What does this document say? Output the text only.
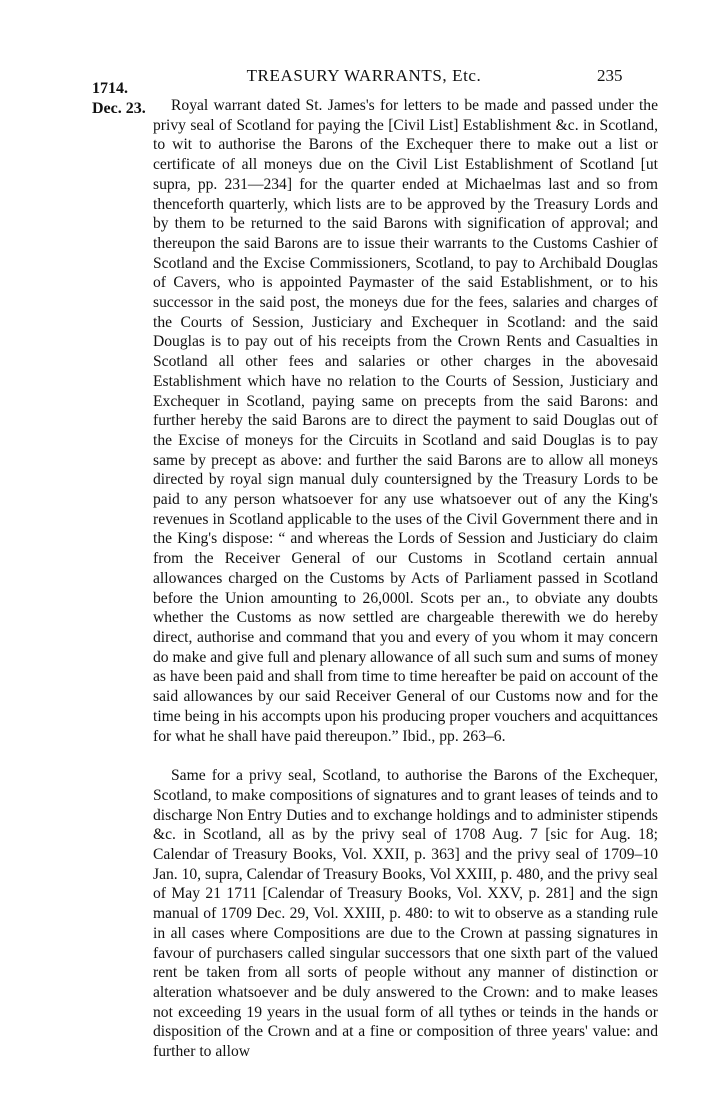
TREASURY WARRANTS, Etc.	235
1714.
Dec. 23.	Royal warrant dated St. James's for letters to be made and passed under the privy seal of Scotland for paying the [Civil List] Establishment &c. in Scotland, to wit to authorise the Barons of the Exchequer there to make out a list or certificate of all moneys due on the Civil List Establishment of Scotland [ut supra, pp. 231—234] for the quarter ended at Michaelmas last and so from thenceforth quarterly, which lists are to be approved by the Treasury Lords and by them to be returned to the said Barons with signification of approval; and thereupon the said Barons are to issue their warrants to the Customs Cashier of Scotland and the Excise Commissioners, Scotland, to pay to Archibald Douglas of Cavers, who is appointed Paymaster of the said Establishment, or to his successor in the said post, the moneys due for the fees, salaries and charges of the Courts of Session, Justiciary and Exchequer in Scotland: and the said Douglas is to pay out of his receipts from the Crown Rents and Casualties in Scotland all other fees and salaries or other charges in the abovesaid Establishment which have no relation to the Courts of Session, Justiciary and Exchequer in Scotland, paying same on precepts from the said Barons: and further hereby the said Barons are to direct the payment to said Douglas out of the Excise of moneys for the Circuits in Scotland and said Douglas is to pay same by precept as above: and further the said Barons are to allow all moneys directed by royal sign manual duly countersigned by the Treasury Lords to be paid to any person whatsoever for any use whatsoever out of any the King's revenues in Scotland applicable to the uses of the Civil Government there and in the King's dispose: “ and whereas the Lords of Session and Justiciary do claim from the Receiver General of our Customs in Scotland certain annual allowances charged on the Customs by Acts of Parliament passed in Scotland before the Union amounting to 26,000l. Scots per an., to obviate any doubts whether the Customs as now settled are chargeable therewith we do hereby direct, authorise and command that you and every of you whom it may concern do make and give full and plenary allowance of all such sum and sums of money as have been paid and shall from time to time hereafter be paid on account of the said allowances by our said Receiver General of our Customs now and for the time being in his accompts upon his producing proper vouchers and acquittances for what he shall have paid thereupon.” Ibid., pp. 263–6.

Same for a privy seal, Scotland, to authorise the Barons of the Exchequer, Scotland, to make compositions of signatures and to grant leases of teinds and to discharge Non Entry Duties and to exchange holdings and to administer stipends &c. in Scotland, all as by the privy seal of 1708 Aug. 7 [sic for Aug. 18; Calendar of Treasury Books, Vol. XXII, p. 363] and the privy seal of 1709–10 Jan. 10, supra, Calendar of Treasury Books, Vol XXIII, p. 480, and the privy seal of May 21 1711 [Calendar of Treasury Books, Vol. XXV, p. 281] and the sign manual of 1709 Dec. 29, Vol. XXIII, p. 480: to wit to observe as a standing rule in all cases where Compositions are due to the Crown at passing signatures in favour of purchasers called singular successors that one sixth part of the valued rent be taken from all sorts of people without any manner of distinction or alteration whatsoever and be duly answered to the Crown: and to make leases not exceeding 19 years in the usual form of all tythes or teinds in the hands or disposition of the Crown and at a fine or composition of three years' value: and further to allow
